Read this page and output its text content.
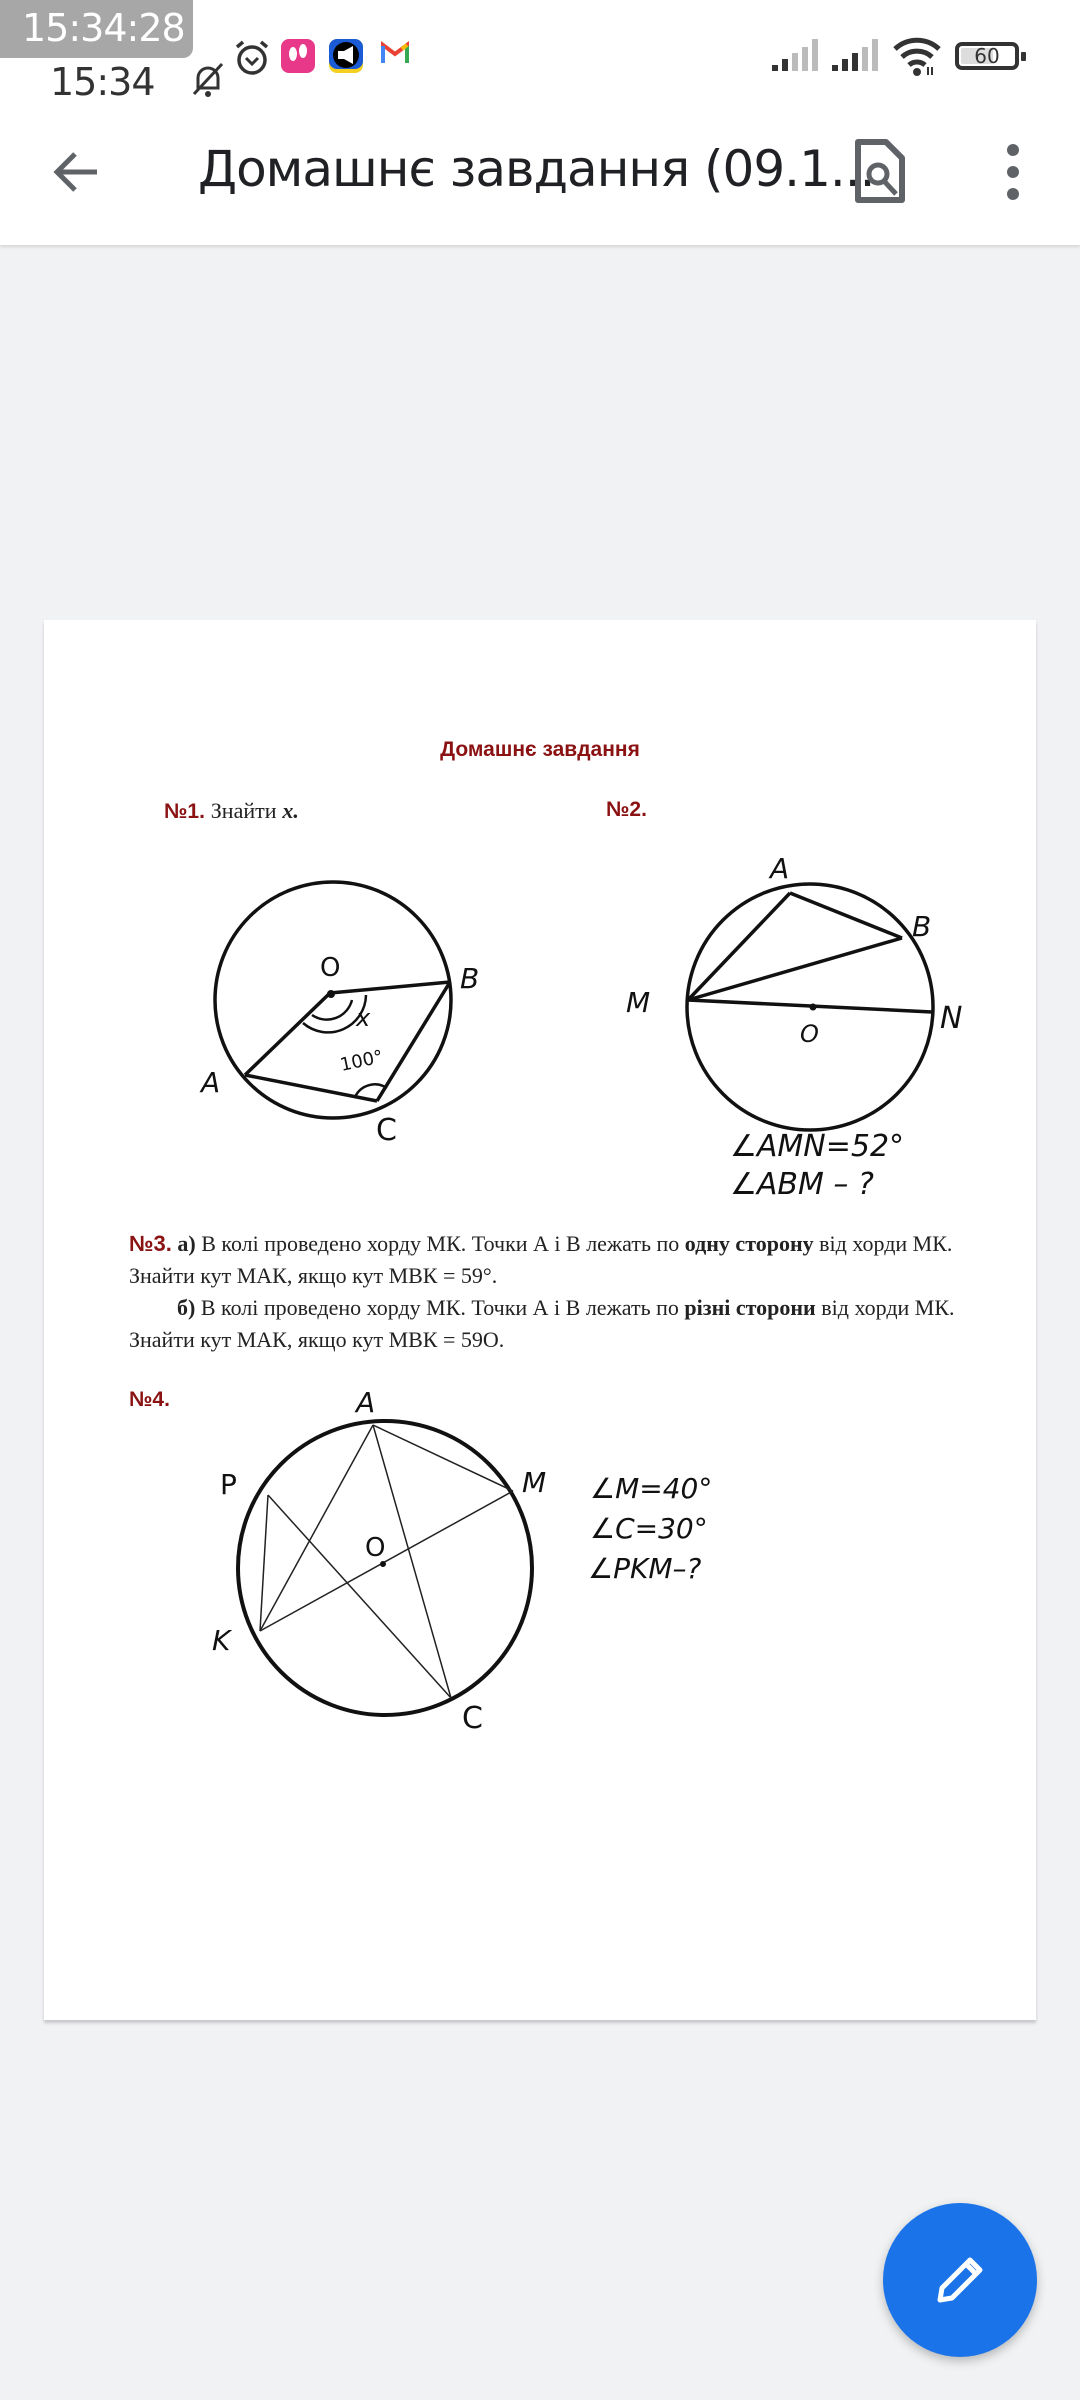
15:34
15:34:28
60
Домашнє завдання (09.1...
Домашнє завдання
№1. Знайти x.	№2.
O	B
A
C
x
100°
A
B
M	N
O
∠AMN=52°
∠ABM – ?
A
M
P
K
C
O
∠M=40°
∠C=30°
∠PKM–?
№3. а) В колі проведено хорду МК. Точки А і В лежать по одну сторону від хорди МК. Знайти кут МАК, якщо кут МВК = 59°.
б) В колі проведено хорду МК. Точки А і В лежать по різні сторони від хорди МК. Знайти кут МАК, якщо кут МВК = 59О.
№4.
